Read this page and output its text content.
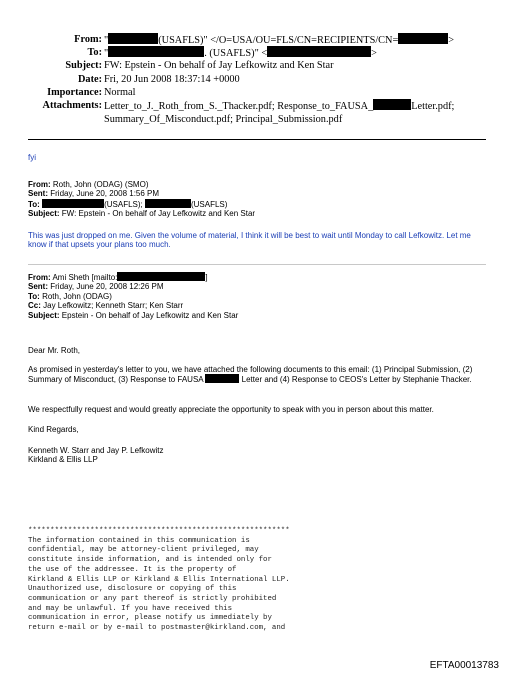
From: "	(USAFLS)" </O=USA/OU=FLS/CN=RECIPIENTS/CN=	>
To: "	. (USAFLS)" <	>
Subject: FW: Epstein - On behalf of Jay Lefkowitz and Ken Star
Date: Fri, 20 Jun 2008 18:37:14 +0000
Importance: Normal
Attachments: Letter_to_J._Roth_from_S._Thacker.pdf; Response_to_FAUSA_	Letter.pdf;
Summary_Of_Misconduct.pdf; Principal_Submission.pdf
fyi
From: Roth, John (ODAG) (SMO)
Sent: Friday, June 20, 2008 1:56 PM
To:	(USAFLS);	(USAFLS)
Subject: FW: Epstein - On behalf of Jay Lefkowitz and Ken Star
This was just dropped on me. Given the volume of material, I think it will be best to wait until Monday to call Lefkowitz. Let me know if that upsets your plans too much.
From: Ami Sheth [mailto:	]
Sent: Friday, June 20, 2008 12:26 PM
To: Roth, John (ODAG)
Cc: Jay Lefkowitz; Kenneth Starr; Ken Starr
Subject: Epstein - On behalf of Jay Lefkowitz and Ken Star
Dear Mr. Roth,
As promised in yesterday's letter to you, we have attached the following documents to this email: (1) Principal Submission, (2) Summary of Misconduct, (3) Response to FAUSA	Letter and (4) Response to CEOS's Letter by Stephanie Thacker.
We respectfully request and would greatly appreciate the opportunity to speak with you in person about this matter.
Kind Regards,
Kenneth W. Starr and Jay P. Lefkowitz
Kirkland & Ellis LLP
***********************************************************
The information contained in this communication is
confidential, may be attorney-client privileged, may
constitute inside information, and is intended only for
the use of the addressee. It is the property of
Kirkland & Ellis LLP or Kirkland & Ellis International LLP.
Unauthorized use, disclosure or copying of this
communication or any part thereof is strictly prohibited
and may be unlawful. If you have received this
communication in error, please notify us immediately by
return e-mail or by e-mail to postmaster@kirkland.com, and
EFTA00013783
